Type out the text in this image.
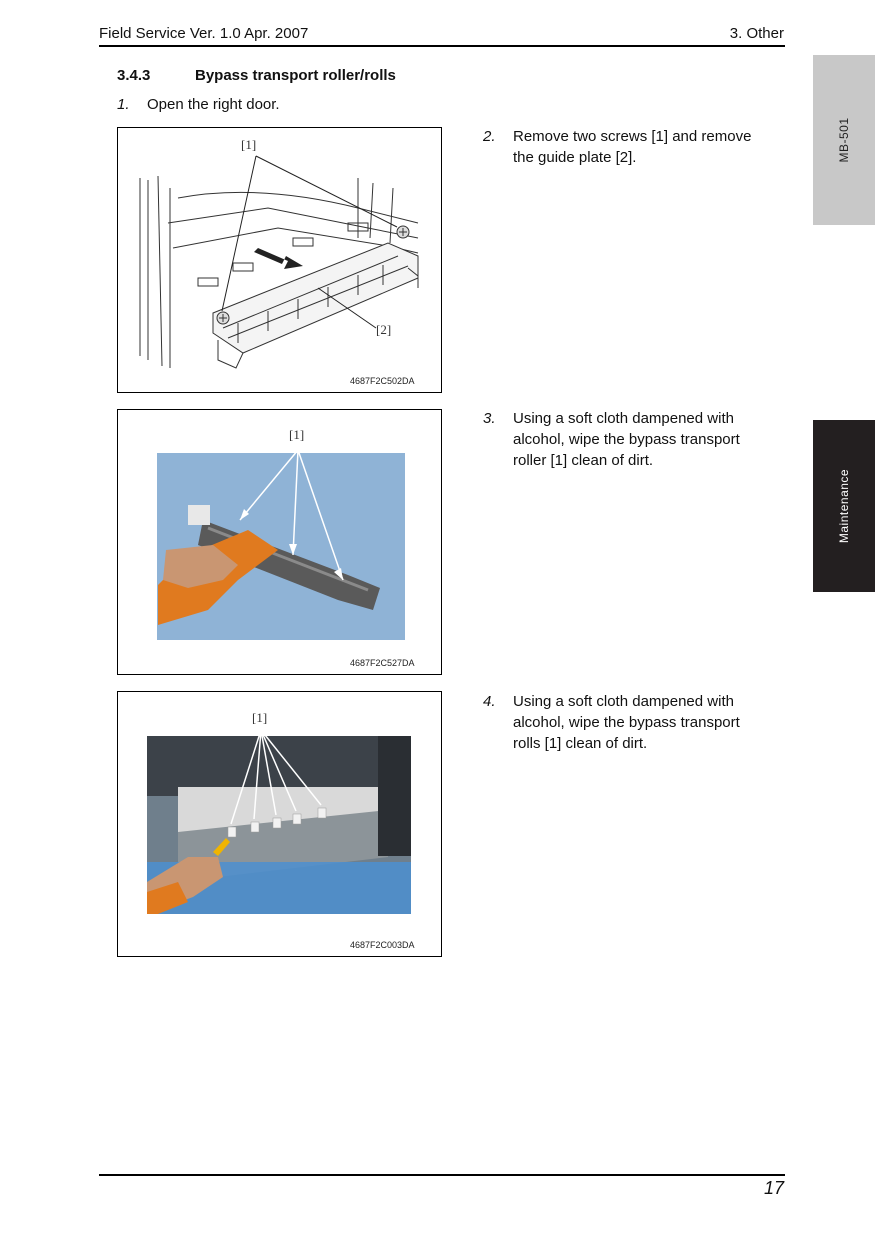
Field Service Ver. 1.0 Apr. 2007	3. Other
3.4.3	Bypass transport roller/rolls
1. Open the right door.
[1]
[2]
4687F2C502DA
2. Remove two screws [1] and remove
the guide plate [2].
[1]
4687F2C527DA
3. Using a soft cloth dampened with
alcohol, wipe the bypass transport
roller [1] clean of dirt.
[1]
4687F2C003DA
4. Using a soft cloth dampened with
alcohol, wipe the bypass transport
rolls [1] clean of dirt.
MB-501
Maintenance
17
